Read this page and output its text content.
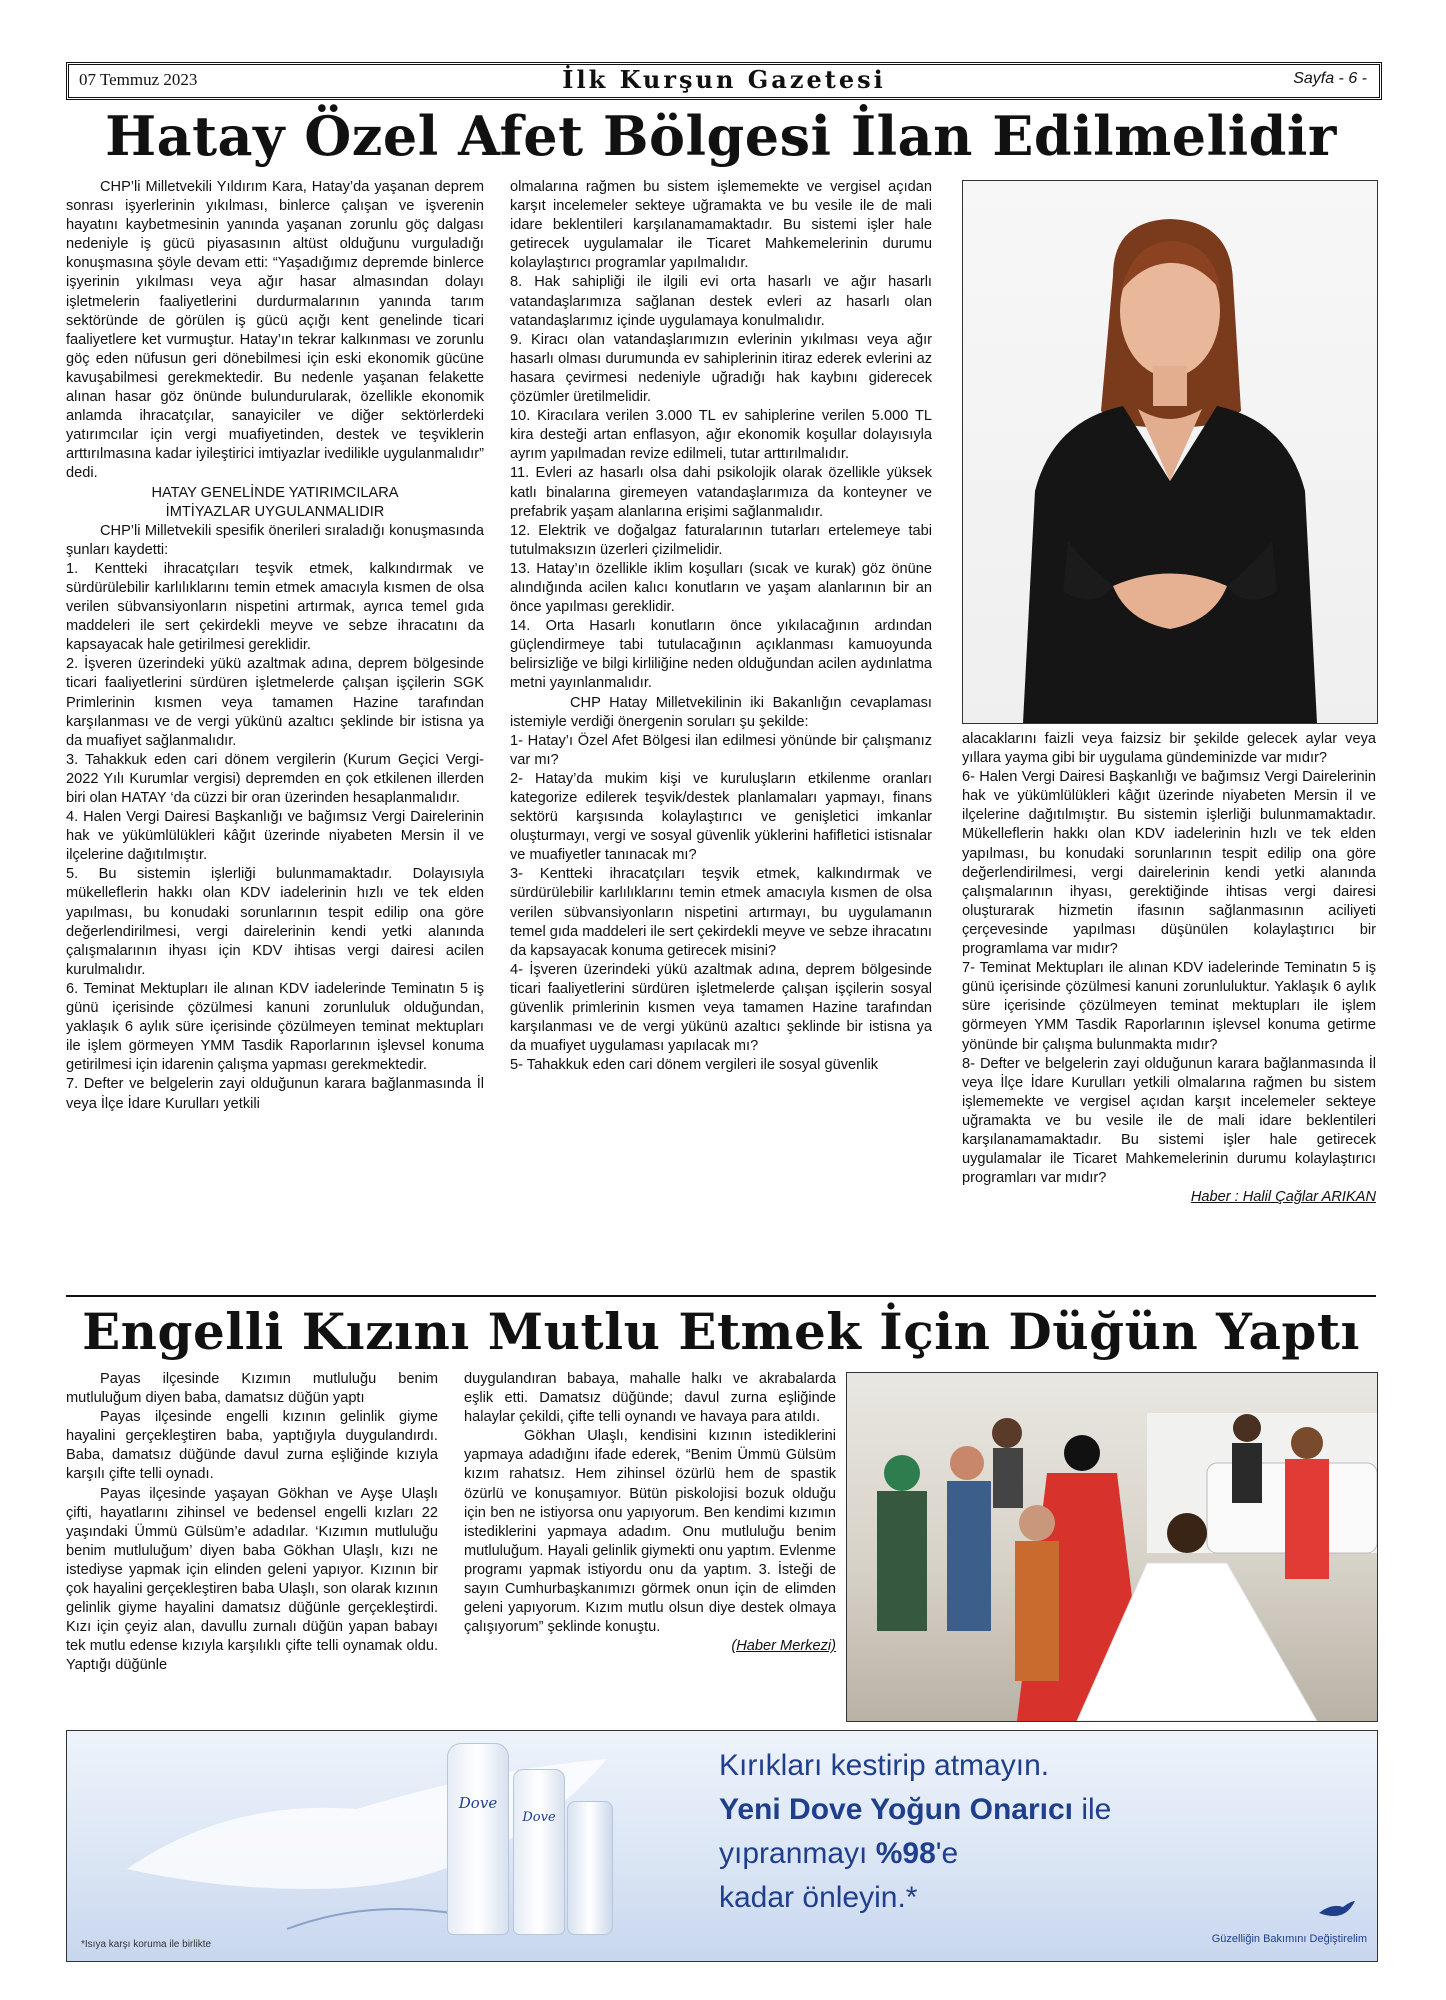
07 Temmuz 2023	İlk Kurşun Gazetesi	Sayfa - 6 -
Hatay Özel Afet Bölgesi İlan Edilmelidir

CHP’li Milletvekili Yıldırım Kara, Hatay’da yaşanan deprem sonrası işyerlerinin yıkılması, binlerce çalışan ve işverenin hayatını kaybetmesinin yanında yaşanan zorunlu göç dalgası nedeniyle iş gücü piyasasının altüst olduğunu vurguladığı konuşmasına şöyle devam etti: “Yaşadığımız depremde binlerce işyerinin yıkılması veya ağır hasar almasından dolayı işletmelerin faaliyetlerini durdurmalarının yanında tarım sektöründe de görülen iş gücü açığı kent genelinde ticari faaliyetlere ket vurmuştur. Hatay’ın tekrar kalkınması ve zorunlu göç eden nüfusun geri dönebilmesi için eski ekonomik gücüne kavuşabilmesi gerekmektedir. Bu nedenle yaşanan felakette alınan hasar göz önünde bulundurularak, özellikle ekonomik anlamda ihracatçılar, sanayiciler ve diğer sektörlerdeki yatırımcılar için vergi muafiyetinden, destek ve teşviklerin arttırılmasına kadar iyileştirici imtiyazlar ivedilikle uygulanmalıdır” dedi.

HATAY GENELİNDE YATIRIMCILARA İMTİYAZLAR UYGULANMALIDIR

CHP’li Milletvekili spesifik önerileri sıraladığı konuşmasında şunları kaydetti:

1. Kentteki ihracatçıları teşvik etmek, kalkındırmak ve sürdürülebilir karlılıklarını temin etmek amacıyla kısmen de olsa verilen sübvansiyonların nispetini artırmak, ayrıca temel gıda maddeleri ile sert çekirdekli meyve ve sebze ihracatını da kapsayacak hale getirilmesi gereklidir.

2. İşveren üzerindeki yükü azaltmak adına, deprem bölgesinde ticari faaliyetlerini sürdüren işletmelerde çalışan işçilerin SGK Primlerinin kısmen veya tamamen Hazine tarafından karşılanması ve de vergi yükünü azaltıcı şeklinde bir istisna ya da muafiyet sağlanmalıdır.

3. Tahakkuk eden cari dönem vergilerin (Kurum Geçici Vergi-2022 Yılı Kurumlar vergisi) depremden en çok etkilenen illerden biri olan HATAY ‘da cüzzi bir oran üzerinden hesaplanmalıdır.

4. Halen Vergi Dairesi Başkanlığı ve bağımsız Vergi Dairelerinin hak ve yükümlülükleri kâğıt üzerinde niyabeten Mersin il ve ilçelerine dağıtılmıştır.

5. Bu sistemin işlerliği bulunmamaktadır. Dolayısıyla mükelleflerin hakkı olan KDV iadelerinin hızlı ve tek elden yapılması, bu konudaki sorunlarının tespit edilip ona göre değerlendirilmesi, vergi dairelerinin kendi yetki alanında çalışmalarının ihyası için KDV ihtisas vergi dairesi acilen kurulmalıdır.

6. Teminat Mektupları ile alınan KDV iadelerinde Teminatın 5 iş günü içerisinde çözülmesi kanuni zorunluluk olduğundan, yaklaşık 6 aylık süre içerisinde çözülmeyen teminat mektupları ile işlem görmeyen YMM Tasdik Raporlarının işlevsel konuma getirilmesi için idarenin çalışma yapması gerekmektedir.

7. Defter ve belgelerin zayi olduğunun karara bağlanmasında İl veya İlçe İdare Kurulları yetkili

olmalarına rağmen bu sistem işlememekte ve vergisel açıdan karşıt incelemeler sekteye uğramakta ve bu vesile ile de mali idare beklentileri karşılanamamaktadır. Bu sistemi işler hale getirecek uygulamalar ile Ticaret Mahkemelerinin durumu kolaylaştırıcı programlar yapılmalıdır.

8. Hak sahipliği ile ilgili evi orta hasarlı ve ağır hasarlı vatandaşlarımıza sağlanan destek evleri az hasarlı olan vatandaşlarımız içinde uygulamaya konulmalıdır.

9. Kiracı olan vatandaşlarımızın evlerinin yıkılması veya ağır hasarlı olması durumunda ev sahiplerinin itiraz ederek evlerini az hasara çevirmesi nedeniyle uğradığı hak kaybını giderecek çözümler üretilmelidir.

10. Kiracılara verilen 3.000 TL ev sahiplerine verilen 5.000 TL kira desteği artan enflasyon, ağır ekonomik koşullar dolayısıyla ayrım yapılmadan revize edilmeli, tutar arttırılmalıdır.

11. Evleri az hasarlı olsa dahi psikolojik olarak özellikle yüksek katlı binalarına giremeyen vatandaşlarımıza da konteyner ve prefabrik yaşam alanlarına erişimi sağlanmalıdır.

12. Elektrik ve doğalgaz faturalarının tutarları ertelemeye tabi tutulmaksızın üzerleri çizilmelidir.

13. Hatay’ın özellikle iklim koşulları (sıcak ve kurak) göz önüne alındığında acilen kalıcı konutların ve yaşam alanlarının bir an önce yapılması gereklidir.

14. Orta Hasarlı konutların önce yıkılacağının ardından güçlendirmeye tabi tutulacağının açıklanması kamuoyunda belirsizliğe ve bilgi kirliliğine neden olduğundan acilen aydınlatma metni yayınlanmalıdır.

CHP Hatay Milletvekilinin iki Bakanlığın cevaplaması istemiyle verdiği önergenin soruları şu şekilde:

1- Hatay’ı Özel Afet Bölgesi ilan edilmesi yönünde bir çalışmanız var mı?

2- Hatay’da mukim kişi ve kuruluşların etkilenme oranları kategorize edilerek teşvik/destek planlamaları yapmayı, finans sektörü karşısında kolaylaştırıcı ve genişletici imkanlar oluşturmayı, vergi ve sosyal güvenlik yüklerini hafifletici istisnalar ve muafiyetler tanınacak mı?

3- Kentteki ihracatçıları teşvik etmek, kalkındırmak ve sürdürülebilir karlılıklarını temin etmek amacıyla kısmen de olsa verilen sübvansiyonların nispetini artırmayı, bu uygulamanın temel gıda maddeleri ile sert çekirdekli meyve ve sebze ihracatını da kapsayacak konuma getirecek misini?

4- İşveren üzerindeki yükü azaltmak adına, deprem bölgesinde ticari faaliyetlerini sürdüren işletmelerde çalışan işçilerin sosyal güvenlik primlerinin kısmen veya tamamen Hazine tarafından karşılanması ve de vergi yükünü azaltıcı şeklinde bir istisna ya da muafiyet uygulaması yapılacak mı?

5- Tahakkuk eden cari dönem vergileri ile sosyal güvenlik

alacaklarını faizli veya faizsiz bir şekilde gelecek aylar veya yıllara yayma gibi bir uygulama gündeminizde var mıdır?

6- Halen Vergi Dairesi Başkanlığı ve bağımsız Vergi Dairelerinin hak ve yükümlülükleri kâğıt üzerinde niyabeten Mersin il ve ilçelerine dağıtılmıştır. Bu sistemin işlerliği bulunmamaktadır. Mükelleflerin hakkı olan KDV iadelerinin hızlı ve tek elden yapılması, bu konudaki sorunlarının tespit edilip ona göre değerlendirilmesi, vergi dairelerinin kendi yetki alanında çalışmalarının ihyası, gerektiğinde ihtisas vergi dairesi oluşturarak hizmetin ifasının sağlanmasının aciliyeti çerçevesinde yapılması düşünülen kolaylaştırıcı bir programlama var mıdır?

7- Teminat Mektupları ile alınan KDV iadelerinde Teminatın 5 iş günü içerisinde çözülmesi kanuni zorunluluktur. Yaklaşık 6 aylık süre içerisinde çözülmeyen teminat mektupları ile işlem görmeyen YMM Tasdik Raporlarının işlevsel konuma getirme yönünde bir çalışma bulunmakta mıdır?

8- Defter ve belgelerin zayi olduğunun karara bağlanmasında İl veya İlçe İdare Kurulları yetkili olmalarına rağmen bu sistem işlememekte ve vergisel açıdan karşıt incelemeler sekteye uğramakta ve bu vesile ile de mali idare beklentileri karşılanamamaktadır. Bu sistemi işler hale getirecek uygulamalar ile Ticaret Mahkemelerinin durumu kolaylaştırıcı programları var mıdır?

Haber : Halil Çağlar ARIKAN

Engelli Kızını Mutlu Etmek İçin Düğün Yaptı

Payas ilçesinde Kızımın mutluluğu benim mutluluğum diyen baba, damatsız düğün yaptı

Payas ilçesinde engelli kızının gelinlik giyme hayalini gerçekleştiren baba, yaptığıyla duygulandırdı. Baba, damatsız düğünde davul zurna eşliğinde kızıyla karşılı çifte telli oynadı.

Payas ilçesinde yaşayan Gökhan ve Ayşe Ulaşlı çifti, hayatlarını zihinsel ve bedensel engelli kızları 22 yaşındaki Ümmü Gülsüm’e adadılar. ‘Kızımın mutluluğu benim mutluluğum’ diyen baba Gökhan Ulaşlı, kızı ne istediyse yapmak için elinden geleni yapıyor. Kızının bir çok hayalini gerçekleştiren baba Ulaşlı, son olarak kızının gelinlik giyme hayalini damatsız düğünle gerçekleştirdi. Kızı için çeyiz alan, davullu zurnalı düğün yapan babayı tek mutlu edense kızıyla karşılıklı çifte telli oynamak oldu. Yaptığı düğünle

duygulandıran babaya, mahalle halkı ve akrabalarda eşlik etti. Damatsız düğünde; davul zurna eşliğinde halaylar çekildi, çifte telli oynandı ve havaya para atıldı.

Gökhan Ulaşlı, kendisini kızının istediklerini yapmaya adadığını ifade ederek, “Benim Ümmü Gülsüm kızım rahatsız. Hem zihinsel özürlü hem de spastik özürlü ve konuşamıyor. Bütün piskolojisi bozuk olduğu için ben ne istiyorsa onu yapıyorum. Ben kendimi kızımın istediklerini yapmaya adadım. Onu mutluluğu benim mutluluğum. Hayali gelinlik giymekti onu yaptım. Evlenme programı yapmak istiyordu onu da yaptım. 3. İsteği de sayın Cumhurbaşkanımızı görmek onun için de elimden geleni yapıyorum. Kızım mutlu olsun diye destek olmaya çalışıyorum” şeklinde konuştu.

(Haber Merkezi)

Dove
Dove
Kırıkları kestirip atmayın.
Yeni Dove Yoğun Onarıcı ile
yıpranmayı %98'e
kadar önleyin.*
*Isıya karşı koruma ile birlikte	Güzelliğin Bakımını Değiştirelim
